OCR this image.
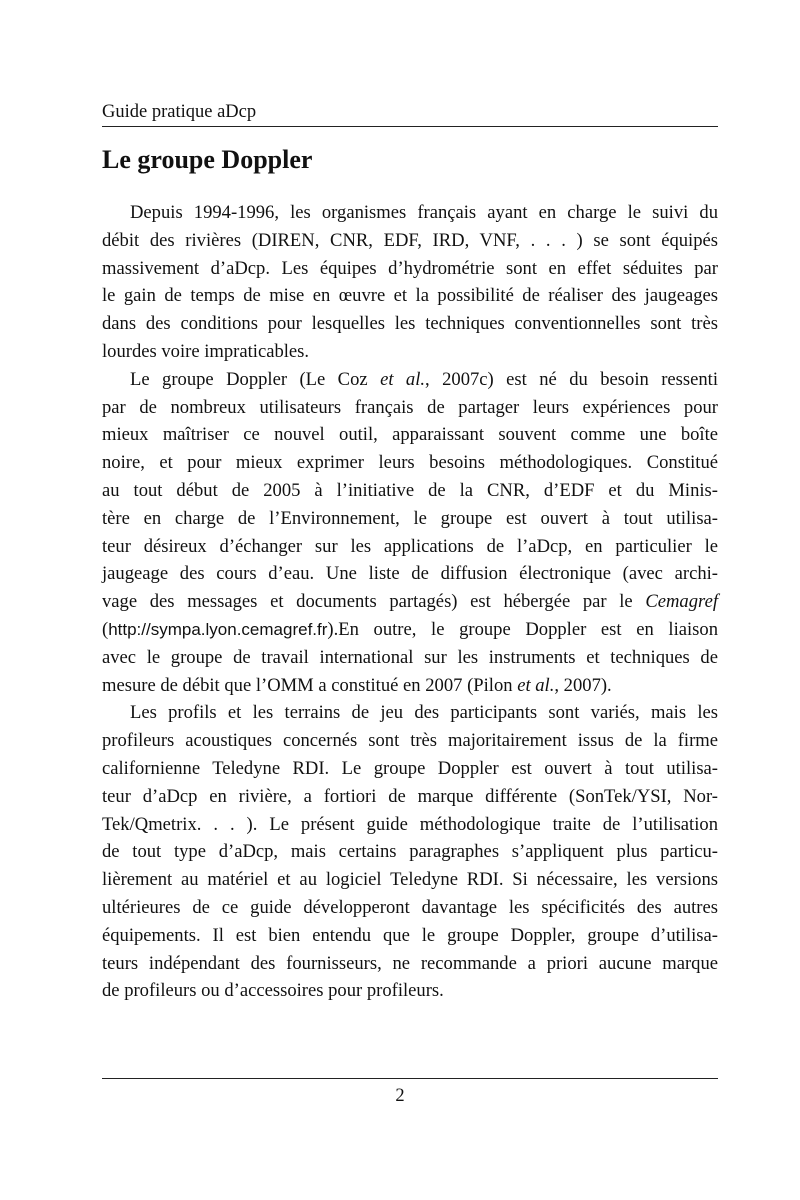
Guide pratique aDcp
Le groupe Doppler
Depuis 1994-1996, les organismes français ayant en charge le suivi du
débit des rivières (DIREN, CNR, EDF, IRD, VNF, . . . ) se sont équipés
massivement d’aDcp. Les équipes d’hydrométrie sont en effet séduites par
le gain de temps de mise en œuvre et la possibilité de réaliser des jaugeages
dans des conditions pour lesquelles les techniques conventionnelles sont très
lourdes voire impraticables.
Le groupe Doppler (Le Coz et al., 2007c) est né du besoin ressenti
par de nombreux utilisateurs français de partager leurs expériences pour
mieux maîtriser ce nouvel outil, apparaissant souvent comme une boîte
noire, et pour mieux exprimer leurs besoins méthodologiques. Constitué
au tout début de 2005 à l’initiative de la CNR, d’EDF et du Minis-
tère en charge de l’Environnement, le groupe est ouvert à tout utilisa-
teur désireux d’échanger sur les applications de l’aDcp, en particulier le
jaugeage des cours d’eau. Une liste de diffusion électronique (avec archi-
vage des messages et documents partagés) est hébergée par le Cemagref
(http://sympa.lyon.cemagref.fr).En outre, le groupe Doppler est en liaison
avec le groupe de travail international sur les instruments et techniques de
mesure de débit que l’OMM a constitué en 2007 (Pilon et al., 2007).
Les profils et les terrains de jeu des participants sont variés, mais les
profileurs acoustiques concernés sont très majoritairement issus de la firme
californienne Teledyne RDI. Le groupe Doppler est ouvert à tout utilisa-
teur d’aDcp en rivière, a fortiori de marque différente (SonTek/YSI, Nor-
Tek/Qmetrix. . . ). Le présent guide méthodologique traite de l’utilisation
de tout type d’aDcp, mais certains paragraphes s’appliquent plus particu-
lièrement au matériel et au logiciel Teledyne RDI. Si nécessaire, les versions
ultérieures de ce guide développeront davantage les spécificités des autres
équipements. Il est bien entendu que le groupe Doppler, groupe d’utilisa-
teurs indépendant des fournisseurs, ne recommande a priori aucune marque
de profileurs ou d’accessoires pour profileurs.
2
